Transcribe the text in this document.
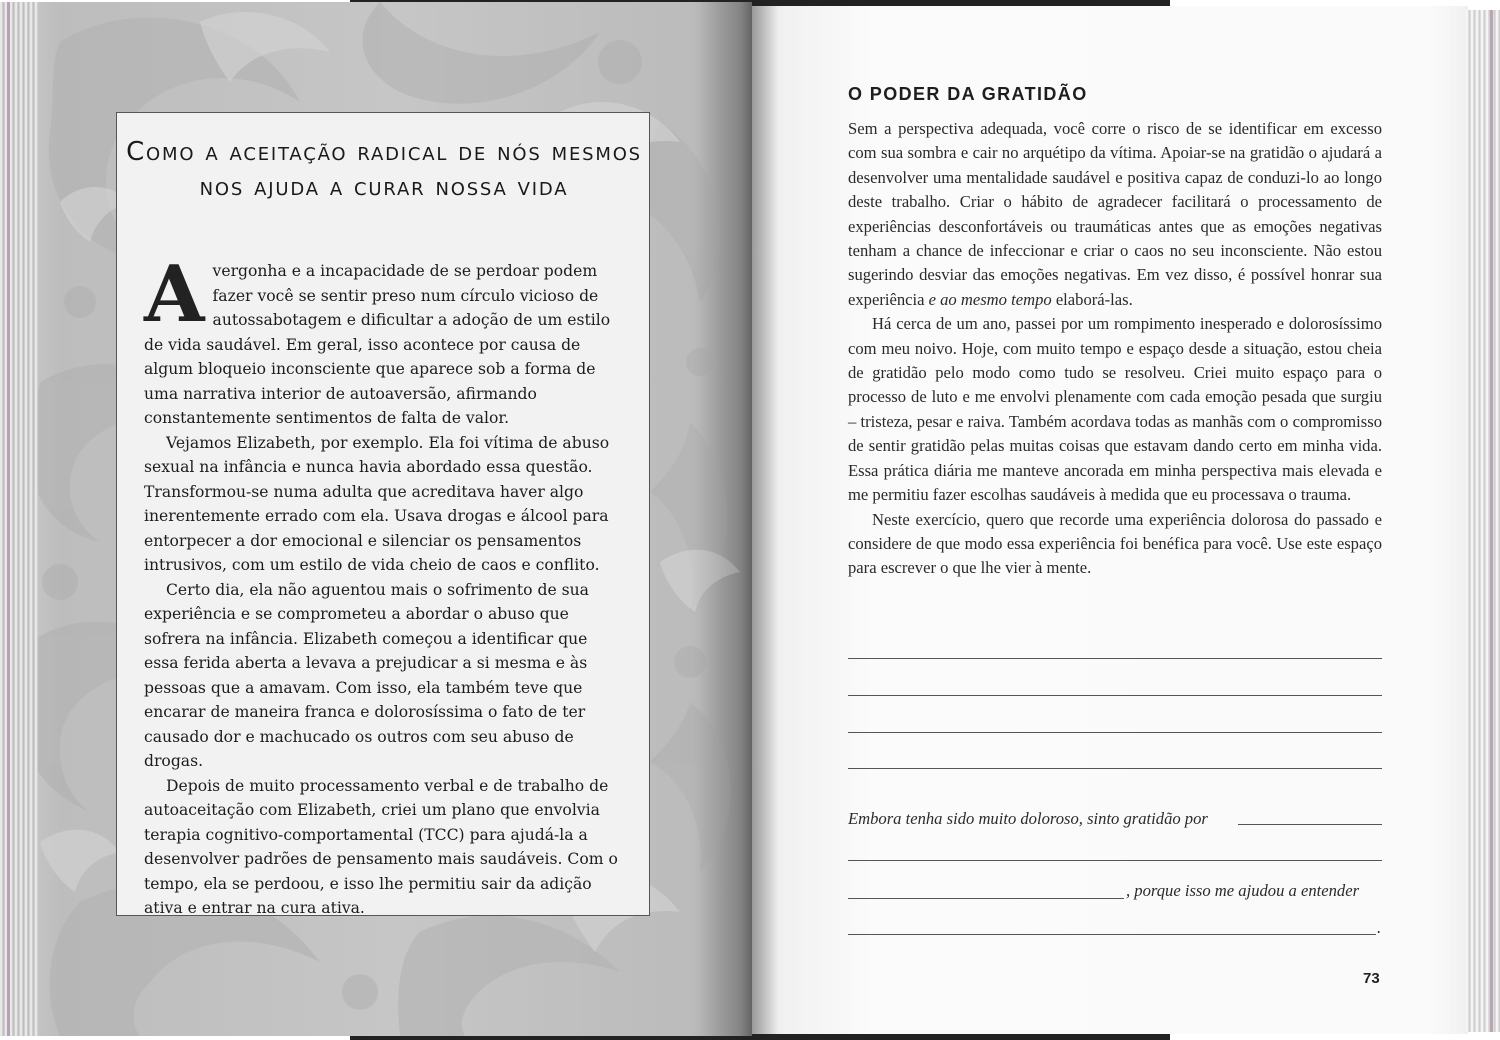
Como a aceitação radical de nós mesmos nos ajuda a curar nossa vida

Avergonha e a incapacidade de se perdoar podem fazer você se sentir preso num círculo vicioso de autossabotagem e dificultar a adoção de um estilo de vida saudável. Em geral, isso acontece por causa de algum bloqueio inconsciente que aparece sob a forma de uma narrativa interior de autoaversão, afirmando constantemente sentimentos de falta de valor.

Vejamos Elizabeth, por exemplo. Ela foi vítima de abuso sexual na infância e nunca havia abordado essa questão. Transformou-se numa adulta que acreditava haver algo inerentemente errado com ela. Usava drogas e álcool para entorpecer a dor emocional e silenciar os pensamentos intrusivos, com um estilo de vida cheio de caos e conflito.

Certo dia, ela não aguentou mais o sofrimento de sua experiência e se comprometeu a abordar o abuso que sofrera na infância. Elizabeth começou a identificar que essa ferida aberta a levava a prejudicar a si mesma e às pessoas que a amavam. Com isso, ela também teve que encarar de maneira franca e dolorosíssima o fato de ter causado dor e machucado os outros com seu abuso de drogas.

Depois de muito processamento verbal e de trabalho de autoaceitação com Elizabeth, criei um plano que envolvia terapia cognitivo-comportamental (TCC) para ajudá-la a desenvolver padrões de pensamento mais saudáveis. Com o tempo, ela se perdoou, e isso lhe permitiu sair da adição ativa e entrar na cura ativa.

O PODER DA GRATIDÃO

Sem a perspectiva adequada, você corre o risco de se identificar em excesso com sua sombra e cair no arquétipo da vítima. Apoiar-se na gratidão o ajudará a desenvolver uma mentalidade saudável e positiva capaz de conduzi-lo ao longo deste trabalho. Criar o hábito de agradecer facilitará o processamento de experiências desconfortáveis ou traumáticas antes que as emoções negativas tenham a chance de infeccionar e criar o caos no seu inconsciente. Não estou sugerindo desviar das emoções negativas. Em vez disso, é possível honrar sua experiência e ao mesmo tempo elaborá-las.

Há cerca de um ano, passei por um rompimento inesperado e dolorosíssimo com meu noivo. Hoje, com muito tempo e espaço desde a situação, estou cheia de gratidão pelo modo como tudo se resolveu. Criei muito espaço para o processo de luto e me envolvi plenamente com cada emoção pesada que surgiu – tristeza, pesar e raiva. Também acordava todas as manhãs com o compromisso de sentir gratidão pelas muitas coisas que estavam dando certo em minha vida. Essa prática diária me manteve ancorada em minha perspectiva mais elevada e me permitiu fazer escolhas saudáveis à medida que eu processava o trauma.

Neste exercício, quero que recorde uma experiência dolorosa do passado e considere de que modo essa experiência foi benéfica para você. Use este espaço para escrever o que lhe vier à mente.

Embora tenha sido muito doloroso, sinto gratidão por
, porque isso me ajudou a entender
.
73
